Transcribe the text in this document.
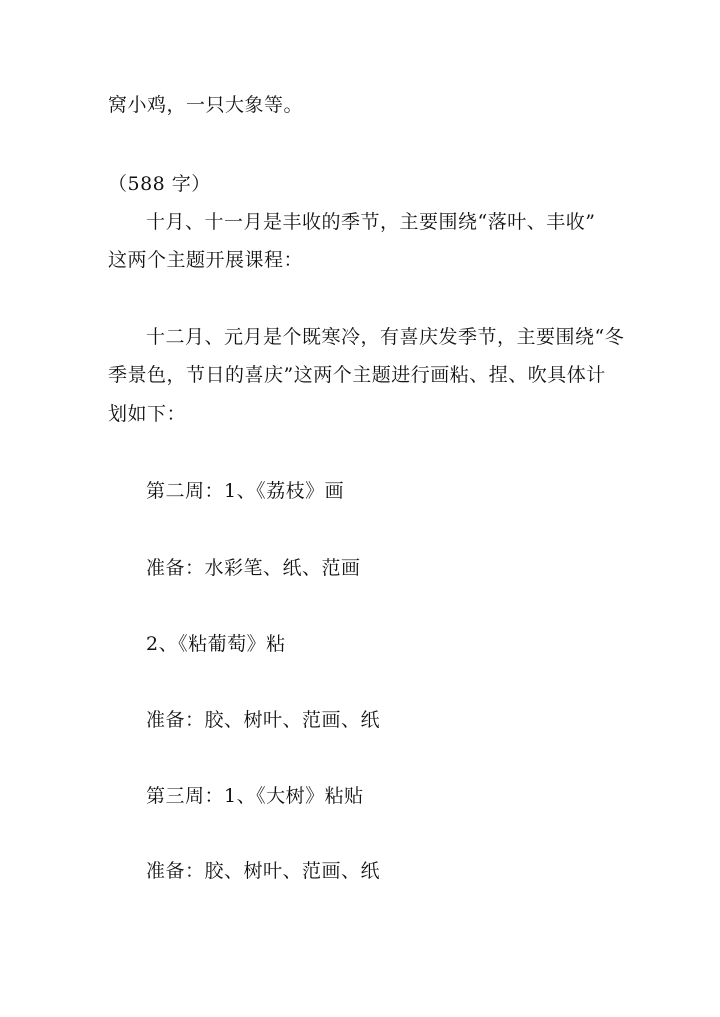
窝小鸡，一只大象等。
（588 字）
十月、十一月是丰收的季节，主要围绕“落叶、丰收”
这两个主题开展课程：
十二月、元月是个既寒冷，有喜庆发季节，主要围绕“冬
季景色，节日的喜庆”这两个主题进行画粘、捏、吹具体计
划如下：
第二周：1、《荔枝》画
准备：水彩笔、纸、范画
2、《粘葡萄》粘
准备：胶、树叶、范画、纸
第三周：1、《大树》粘贴
准备：胶、树叶、范画、纸
